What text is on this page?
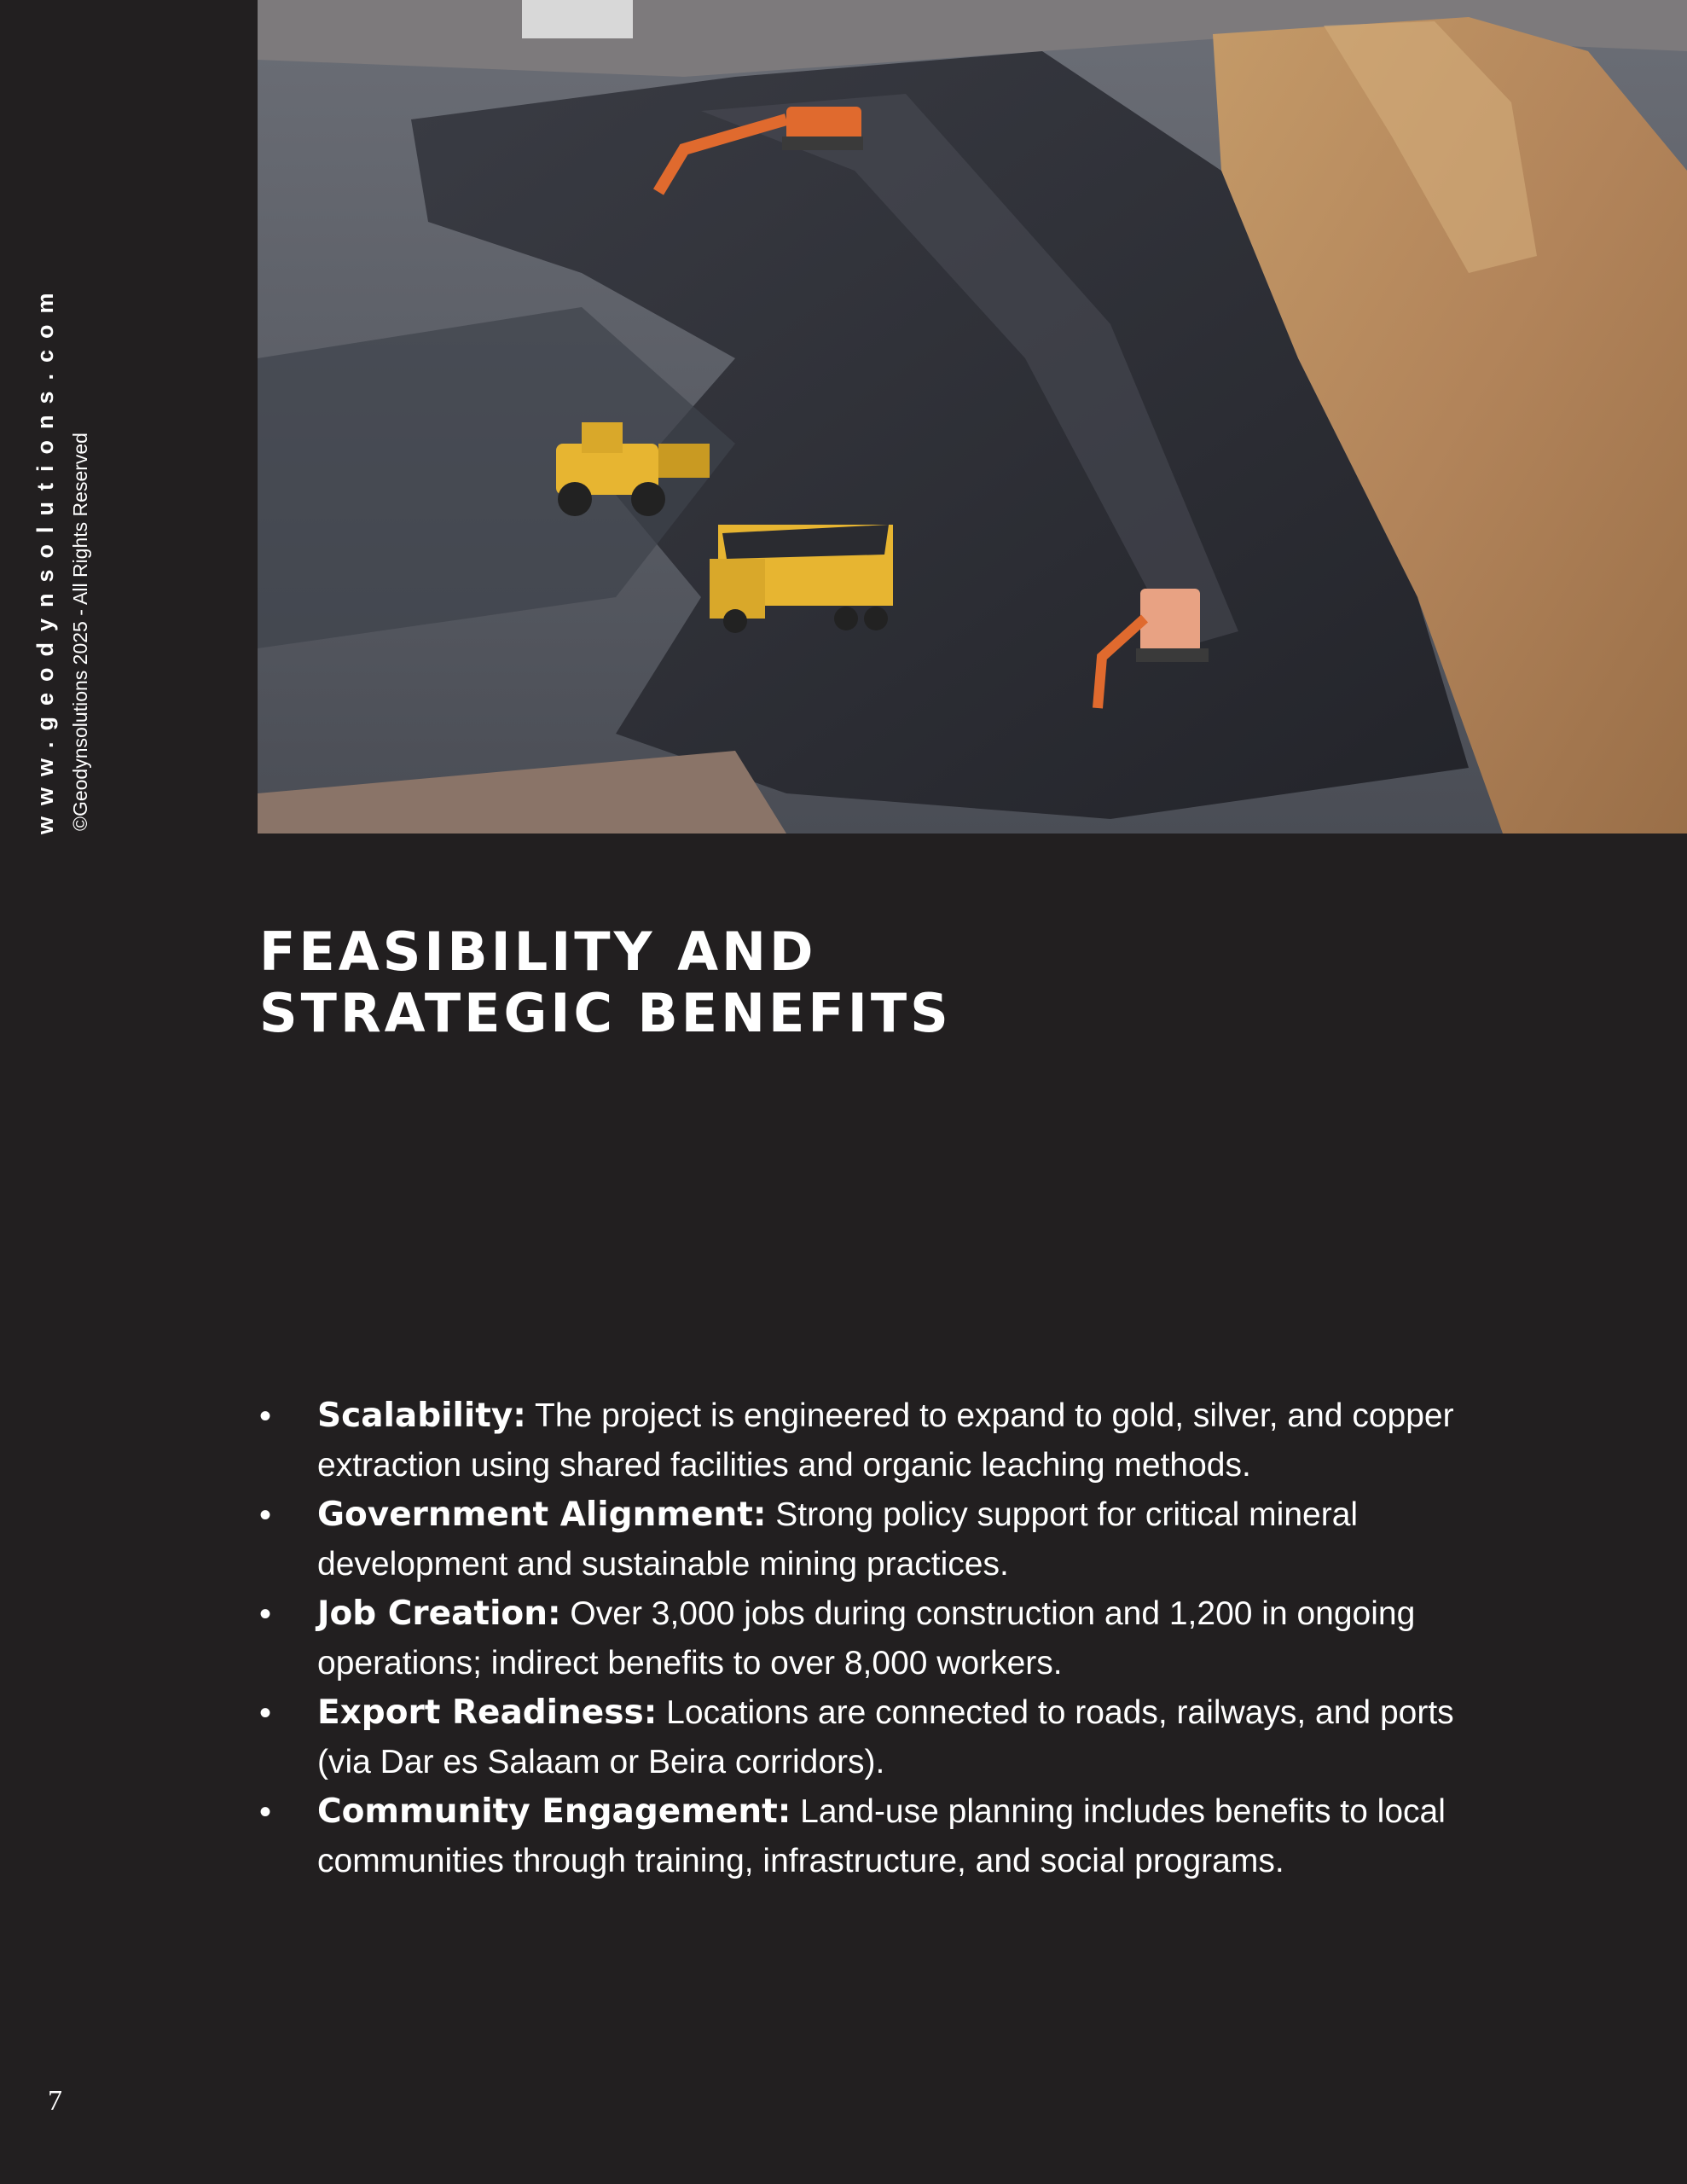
www.geodynsolutions.com ©Geodynsolutions 2025 - All Rights Reserved
FEASIBILITY AND
STRATEGIC BENEFITS
• Scalability: The project is engineered to expand to gold, silver, and copper extraction using shared facilities and organic leaching methods.
• Government Alignment: Strong policy support for critical mineral development and sustainable mining practices.
• Job Creation: Over 3,000 jobs during construction and 1,200 in ongoing operations; indirect benefits to over 8,000 workers.
• Export Readiness: Locations are connected to roads, railways, and ports (via Dar es Salaam or Beira corridors).
• Community Engagement: Land-use planning includes benefits to local communities through training, infrastructure, and social programs.
7
